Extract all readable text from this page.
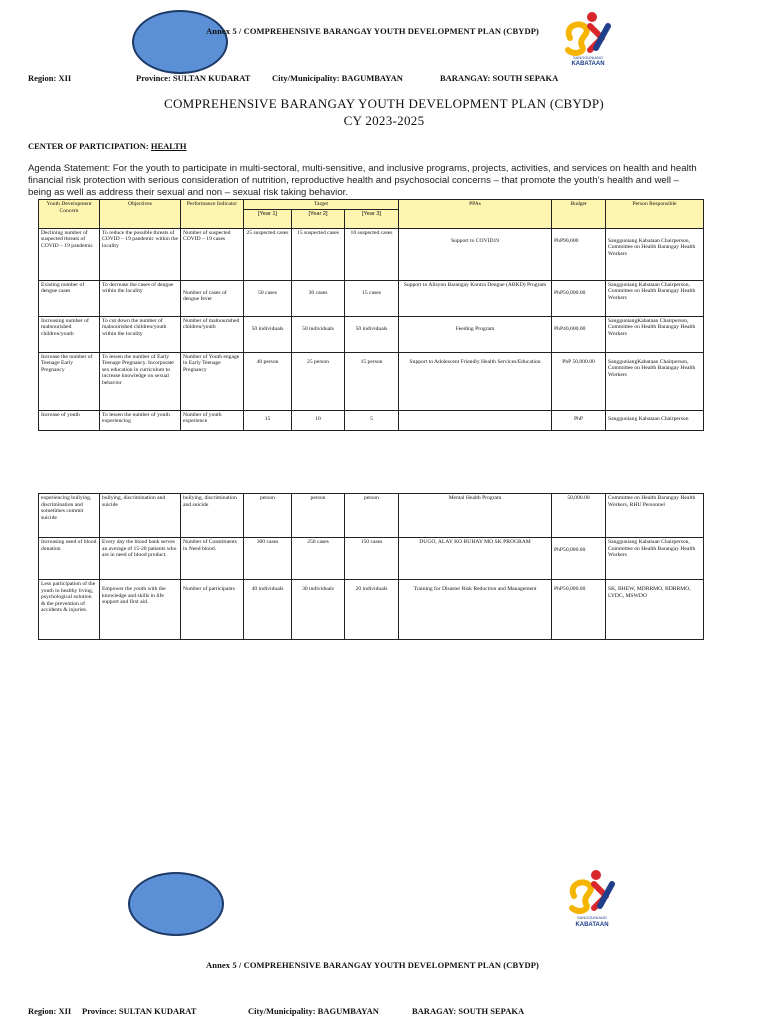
Annex 5 / COMPREHENSIVE BARANGAY YOUTH DEVELOPMENT PLAN (CBYDP)
SANGGUNIANG
KABATAAN
Region: XII	Province: SULTAN KUDARAT	City/Municipality: BAGUMBAYAN	BARANGAY: SOUTH SEPAKA
COMPREHENSIVE BARANGAY YOUTH DEVELOPMENT PLAN (CBYDP)
CY 2023-2025
CENTER OF PARTICIPATION: HEALTH
Agenda Statement: For the youth to participate in multi-sectoral, multi-sensitive, and inclusive programs, projects, activities, and services on health and health financial risk protection with serious consideration of nutrition, reproductive health and psychosocial concerns – that promote the youth’s health and well – being as well as address their sexual and non – sexual risk taking behavior.
Youth Development Concern	Objectives	Performance Indicator	Target			PPAs	Budget	Person Responsible
			[Year 1]	[Year 2]	[Year 3]			
Declining number of suspected threats of COVID – 19 pandemic	To reduce the possible threats of COVID – 19 pandemic within the locality	Number of suspected COVID – 19 cases	25 suspected cases	15 suspected cases	10 suspected cases	Support to COVID19	PhP90,000	Sangguniang Kabataan Chairperson, Committee on Health Barangay Health Workers
Existing number of dengue cases	To decrease the cases of dengue within the locality	Number of cases of dengue fever	50 cases	30 cases	15 cases	Support to Alisyon Barangay Kontra Dengue (ABKD) Program	PhP50,000.00	Sangguniang Kabataan Chairperson, Committee on Health Barangay Health Workers
Increasing number of malnourished children/youth	To cut down the number of malnourished children/youth within the locality	Number of malnourished children/youth	50 individuals	50 individuals	50 individuals	Feeding Program	PhP40,000.00	SangguniangKabataan Chairperson, Committee on Health Barangay Health Workers
Increase the number of Teenage Early Pregnancy	To lessen the number of Early Teenage Pregnancy. Incorporate sex education in curriculum to increase knowledge on sexual behavior	Number of Youth engage in Early Teenage Pregnancy	40 person	25 person	15 person	Support to Adolescent Friendly Health Services/Education	PhP 50,000.00	SangguniangKabataan Chairperson, Committee on Health Barangay Health Workers
Increase of youth	To lessen the number of youth experiencing	Number of youth experience	15	10	5		PhP	Sangguniang Kabataan Chairperson
experiencing bullying, discrimination and sometimes commit suicide	bullying, discrimination and suicide	bullying, discrimination and suicide	person	person	person	Mental Health Program	50,000.00	Committee on Health Barangay Health Workers, RHU Personnel
Increasing need of blood donation	Every day the blood bank serves an average of 15-20 patients who are in need of blood product.	Number of Constituents in Need blood.	300 cases	250 cases	150 cases	DUGO, ALAY KO BUHAY MO SK PROGRAM	PhP50,000.00	Sangguniang Kabataan Chairperson, Committee on Health Barangay Health Workers
Less participation of the youth in healthy living, psychological solution & the prevention of accidents & injuries.	Empower the youth with the knowledge and skills in life support and first aid.	Number of participants	40 individuals	30 individuals	20 individuals	Training for Disaster Risk Reduction and Management	PhP50,000.00	SK, BHEW, MDRRMO, BDRRMO, LYDC, MSWDO
SANGGUNIANG
KABATAAN
Annex 5 / COMPREHENSIVE BARANGAY YOUTH DEVELOPMENT PLAN (CBYDP)
Region: XII Province: SULTAN KUDARAT	City/Municipality: BAGUMBAYAN	BARAGAY: SOUTH SEPAKA
